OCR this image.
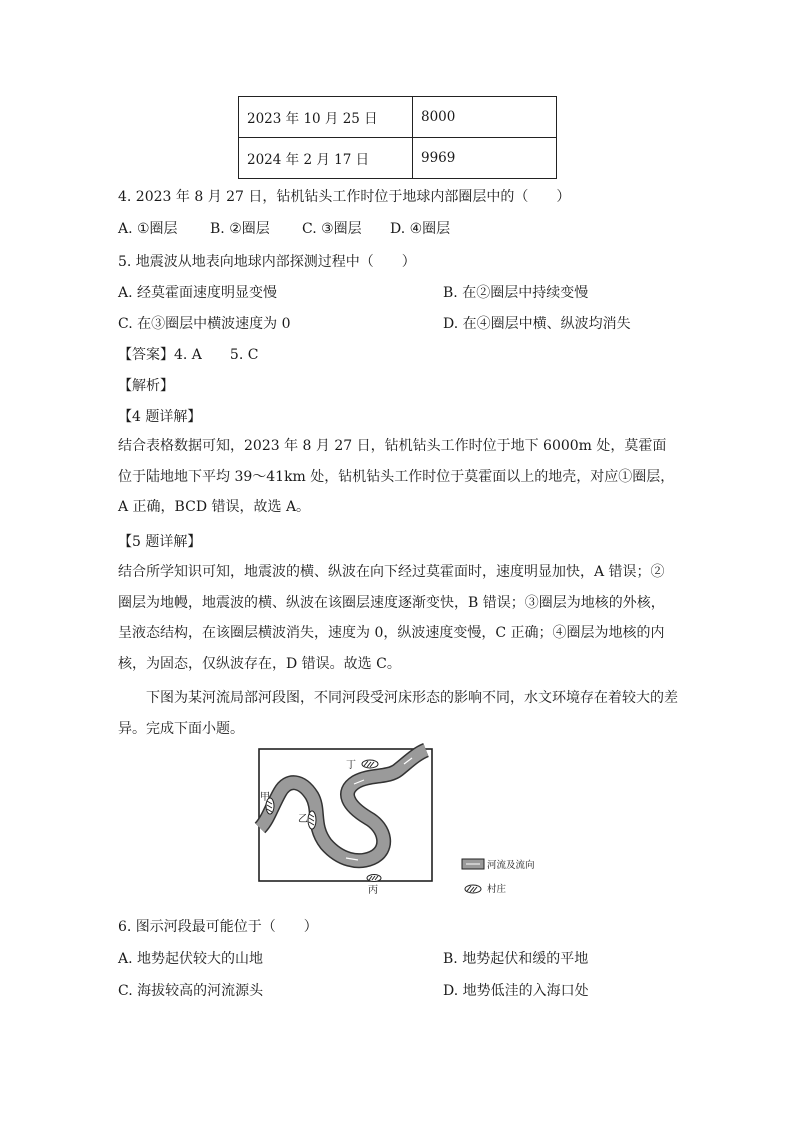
2023 年 10 月 25 日	8000
2024 年 2 月 17 日	9969
4. 2023 年 8 月 27 日，钻机钻头工作时位于地球内部圈层中的（　　）
A. ①圈层 B. ②圈层 C. ③圈层 D. ④圈层
5. 地震波从地表向地球内部探测过程中（　　）
A. 经莫霍面速度明显变慢	B. 在②圈层中持续变慢
C. 在③圈层中横波速度为 0	D. 在④圈层中横、纵波均消失
【答案】4. A　　5. C
【解析】
【4 题详解】
结合表格数据可知，2023 年 8 月 27 日，钻机钻头工作时位于地下 6000m 处，莫霍面位于陆地地下平均 39～41km 处，钻机钻头工作时位于莫霍面以上的地壳，对应①圈层，A 正确，BCD 错误，故选 A。
【5 题详解】
结合所学知识可知，地震波的横、纵波在向下经过莫霍面时，速度明显加快，A 错误；②圈层为地幔，地震波的横、纵波在该圈层速度逐渐变快，B 错误；③圈层为地核的外核，呈液态结构，在该圈层横波消失，速度为 0，纵波速度变慢，C 正确；④圈层为地核的内核，为固态，仅纵波存在，D 错误。故选 C。
下图为某河流局部河段图，不同河段受河床形态的影响不同，水文环境存在着较大的差异。完成下面小题。
丁
甲
乙
丙
河流及流向
村庄
6. 图示河段最可能位于（　　）
A. 地势起伏较大的山地	B. 地势起伏和缓的平地
C. 海拔较高的河流源头	D. 地势低洼的入海口处
